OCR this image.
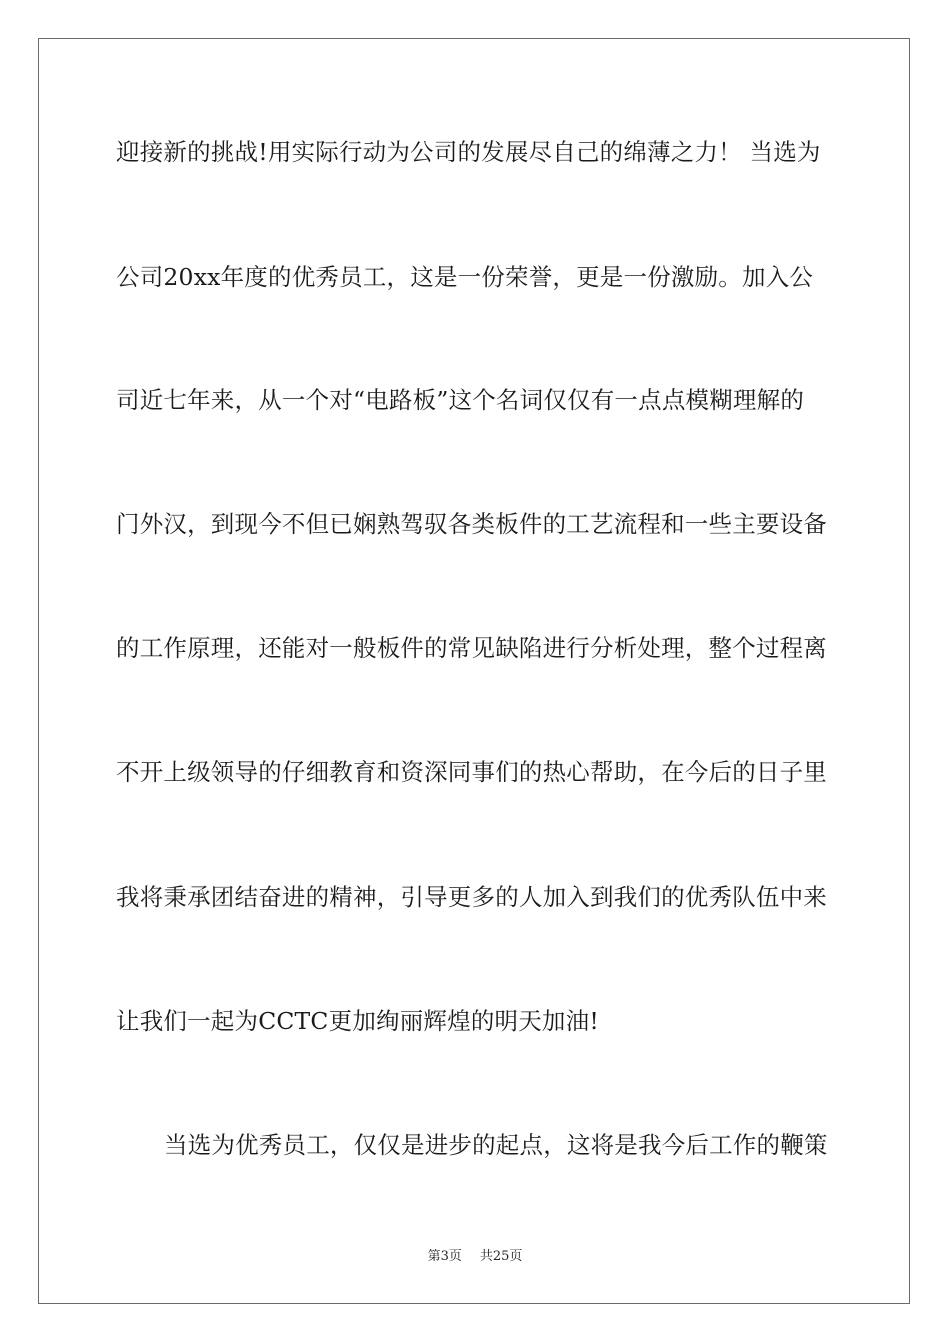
迎接新的挑战!用实际行动为公司的发展尽自己的绵薄之力！ 当选为
公司20xx年度的优秀员工，这是一份荣誉，更是一份激励。加入公
司近七年来，从一个对“电路板”这个名词仅仅有一点点模糊理解的
门外汉，到现今不但已娴熟驾驭各类板件的工艺流程和一些主要设备
的工作原理，还能对一般板件的常见缺陷进行分析处理，整个过程离
不开上级领导的仔细教育和资深同事们的热心帮助，在今后的日子里
我将秉承团结奋进的精神，引导更多的人加入到我们的优秀队伍中来
让我们一起为CCTC更加绚丽辉煌的明天加油!
当选为优秀员工，仅仅是进步的起点，这将是我今后工作的鞭策
第3页 共25页
